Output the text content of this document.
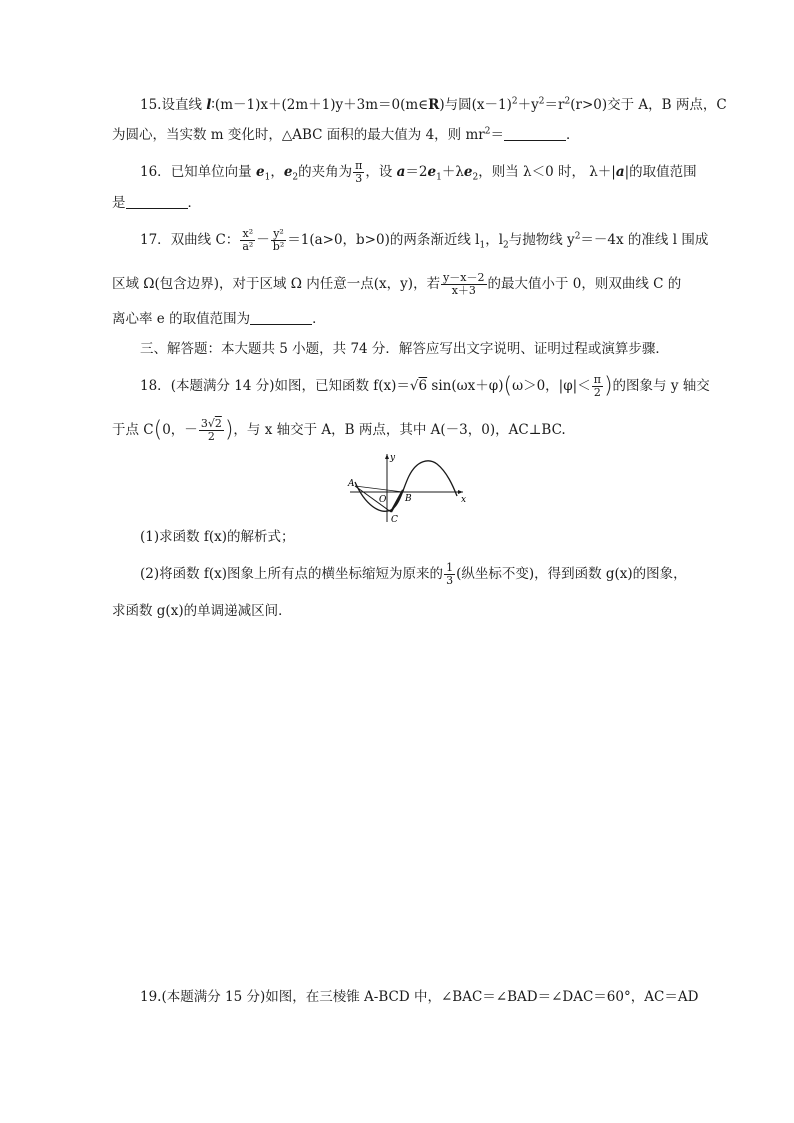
15.设直线 l∶(m－1)x＋(2m＋1)y＋3m＝0(m∈R)与圆$(x-1)^2+y^2=r^2(r>0)$交于 A，B 两点，C
为圆心，当实数 m 变化时，△ABC 面积的最大值为 4，则 $mr^2=$	．
16．已知单位向量 $e_1$，$e_2$的夹角为 $\frac{\pi}{3}$ ，设 $a=2e_1+\lambda e_2$，则当 λ＜0 时， λ＋|a|的取值范围
是	．
17．双曲线 C： $\frac{\text{x²}}{\text{a²}} - \frac{\text{y²}}{\text{b²}} =1(a>0$，b>0)的两条渐近线 $l_1$，$l_2$与抛物线 $y^2=-4x$ 的准线 l 围成
区域 Ω(包含边界)，对于区域 Ω 内任意一点(x，y)，若 $\frac{y-x-2}{x+3}$ 的最大值小于 0，则双曲线 C 的
离心率 e 的取值范围为	．
三、解答题：本大题共 5 小题，共 74 分．解答应写出文字说明、证明过程或演算步骤．
18．(本题满分 14 分)如图，已知函数 f(x)＝√6 sin(ωx＋φ)(ω＞0，$|\varphi|< \frac{\pi}{2}$ )的图象与 y 轴交
于点 C(0，－ $\frac{3√2}{2}$ )，与 x 轴交于 A，B 两点，其中 A(－3，0)，AC⊥BC.
y
x
A
O B
C
(1)求函数 f(x)的解析式；
(2)将函数 f(x)图象上所有点的横坐标缩短为原来的 $\frac{1}{3}$ (纵坐标不变)，得到函数 g(x)的图象，
求函数 g(x)的单调递减区间．
19.(本题满分 15 分)如图，在三棱锥 A-BCD 中，∠BAC＝∠BAD＝∠DAC＝60°，AC＝AD
